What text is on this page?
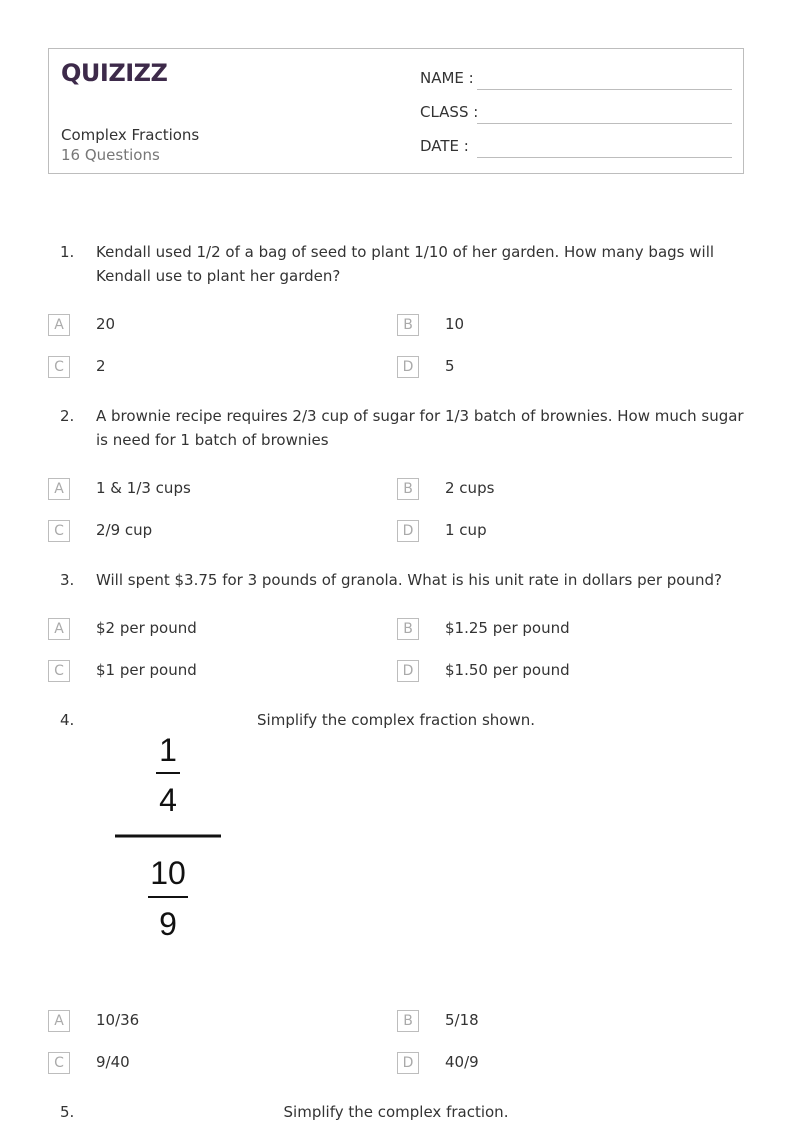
QUIZIZZ
Complex Fractions
16 Questions
NAME :
CLASS :
DATE :
1. Kendall used 1/2 of a bag of seed to plant 1/10 of her garden. How many bags will Kendall use to plant her garden?
A	20	B	10
C	2	D	5
2. A brownie recipe requires 2/3 cup of sugar for 1/3 batch of brownies. How much sugar is need for 1 batch of brownies
A	1 & 1/3 cups	B	2 cups
C	2/9 cup	D	1 cup
3. Will spent $3.75 for 3 pounds of granola. What is his unit rate in dollars per pound?
A	$2 per pound	B	$1.25 per pound
C	$1 per pound	D	$1.50 per pound
4.	Simplify the complex fraction shown.
1
4
10
9
A	10/36	B	5/18
C	9/40	D	40/9
5.	Simplify the complex fraction.
